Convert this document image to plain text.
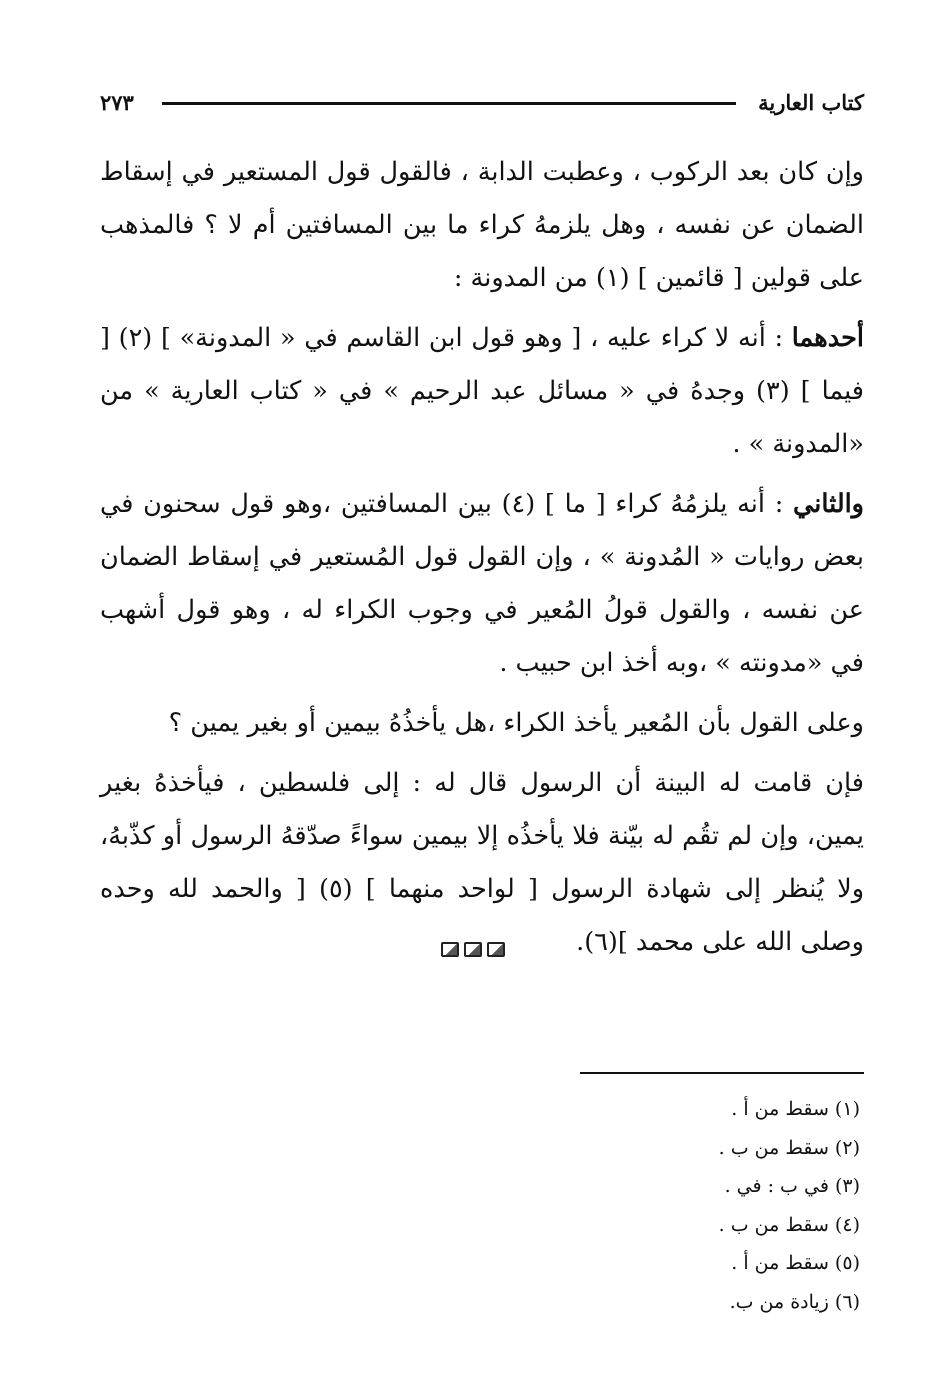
كتاب العارية
٢٧٣

وإن كان بعد الركوب ، وعطبت الدابة ، فالقول قول المستعير في إسقاط الضمان عن نفسه ، وهل يلزمهُ كراء ما بين المسافتين أم لا ؟ فالمذهب على قولين [ قائمين ] (١) من المدونة :

أحدهما : أنه لا كراء عليه ، [ وهو قول ابن القاسم في « المدونة» ] (٢) [ فيما ] (٣) وجدهُ في « مسائل عبد الرحيم » في « كتاب العارية » من «المدونة » .

والثاني : أنه يلزمُهُ كراء [ ما ] (٤) بين المسافتين ،وهو قول سحنون في بعض روايات « المُدونة » ، وإن القول قول المُستعير في إسقاط الضمان عن نفسه ، والقول قولُ المُعير في وجوب الكراء له ، وهو قول أشهب في «مدونته » ،وبه أخذ ابن حبيب .

وعلى القول بأن المُعير يأخذ الكراء ،هل يأخذُهُ بيمين أو بغير يمين ؟

فإن قامت له البينة أن الرسول قال له : إلى فلسطين ، فيأخذهُ بغير يمين، وإن لم تقُم له بيّنة فلا يأخذُه إلا بيمين سواءً صدّقهُ الرسول أو كذّبهُ، ولا يُنظر إلى شهادة الرسول [ لواحد منهما ] (٥) [ والحمد لله وحده وصلى الله على محمد ](٦).

(١) سقط من أ .
(٢) سقط من ب .
(٣) في ب : في .
(٤) سقط من ب .
(٥) سقط من أ .
(٦) زيادة من ب.
